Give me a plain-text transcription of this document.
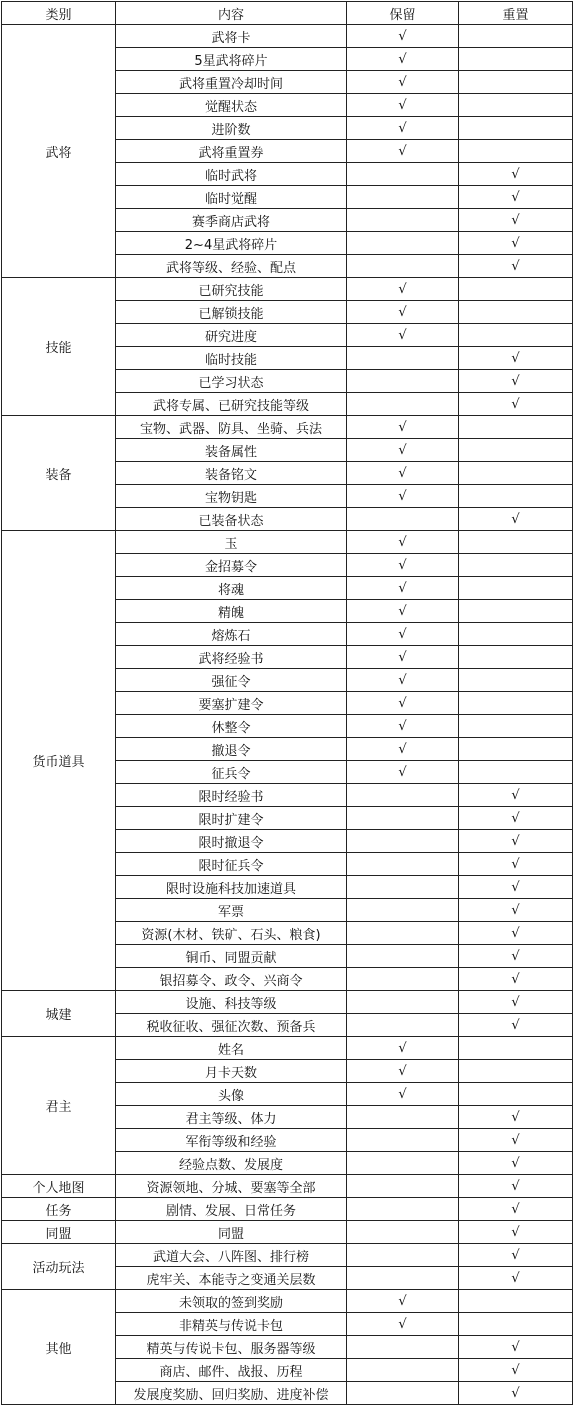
类别	内容	保留	重置
武将	武将卡	√	
	5星武将碎片	√	
	武将重置冷却时间	√	
	觉醒状态	√	
	进阶数	√	
	武将重置券	√	
	临时武将		√
	临时觉醒		√
	赛季商店武将		√
	2~4星武将碎片		√
	武将等级、经验、配点		√
技能	已研究技能	√	
	已解锁技能	√	
	研究进度	√	
	临时技能		√
	已学习状态		√
	武将专属、已研究技能等级		√
装备	宝物、武器、防具、坐骑、兵法	√	
	装备属性	√	
	装备铭文	√	
	宝物钥匙	√	
	已装备状态		√
货币道具	玉	√	
	金招募令	√	
	将魂	√	
	精魄	√	
	熔炼石	√	
	武将经验书	√	
	强征令	√	
	要塞扩建令	√	
	休整令	√	
	撤退令	√	
	征兵令	√	
	限时经验书		√
	限时扩建令		√
	限时撤退令		√
	限时征兵令		√
	限时设施科技加速道具		√
	军票		√
	资源(木材、铁矿、石头、粮食)		√
	铜币、同盟贡献		√
	银招募令、政令、兴商令		√
城建	设施、科技等级		√
	税收征收、强征次数、预备兵		√
君主	姓名	√	
	月卡天数	√	
	头像	√	
	君主等级、体力		√
	军衔等级和经验		√
	经验点数、发展度		√
个人地图	资源领地、分城、要塞等全部		√
任务	剧情、发展、日常任务		√
同盟	同盟		√
活动玩法	武道大会、八阵图、排行榜		√
	虎牢关、本能寺之变通关层数		√
其他	未领取的签到奖励	√	
	非精英与传说卡包	√	
	精英与传说卡包、服务器等级		√
	商店、邮件、战报、历程		√
	发展度奖励、回归奖励、进度补偿		√
